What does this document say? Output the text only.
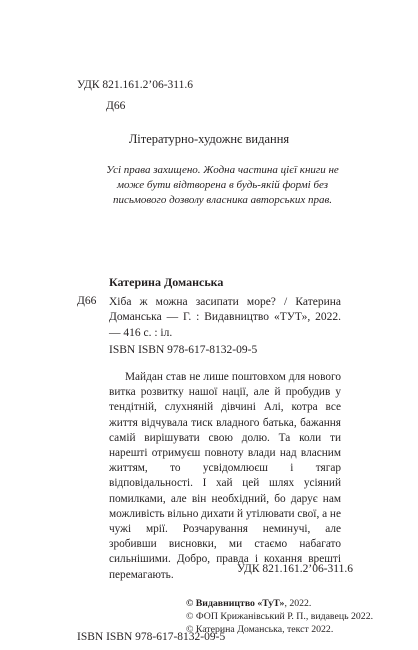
УДК 821.161.2’06-311.6
Д66
Літературно-художнє видання

Усі права захищено. Жодна частина цієї книги не може бути відтворена в будь-якій формі без письмового дозволу власника авторських прав.

Катерина Доманська
Д66 Хіба ж можна засипати море? / Катерина Доманська — Г. : Видавництво «ТУТ», 2022. — 416 с. : іл.

ISBN ISBN 978-617-8132-09-5

Майдан став не лише поштовхом для нового витка розвитку нашої нації, але й пробудив у тендітній, слухняній дівчині Алі, котра все життя відчувала тиск владного батька, бажання самій вирішувати свою долю. Та коли ти нарешті отримуєш повноту влади над власним життям, то усвідомлюєш і тягар відповідальності. І хай цей шлях усіяний помилками, але він необхідний, бо дарує нам можливість вільно дихати й утілювати свої, а не чужі мрії. Розчарування неминучі, але зробивши висновки, ми стаємо набагато сильнішими. Добро, правда і кохання врешті перемагають.	УДК 821.161.2’06-311.6
© Видавництво «ТуТ», 2022.
© ФОП Крижанівський Р. П., видавець 2022.
© Катерина Доманська, текст 2022.
ISBN ISBN 978-617-8132-09-5
